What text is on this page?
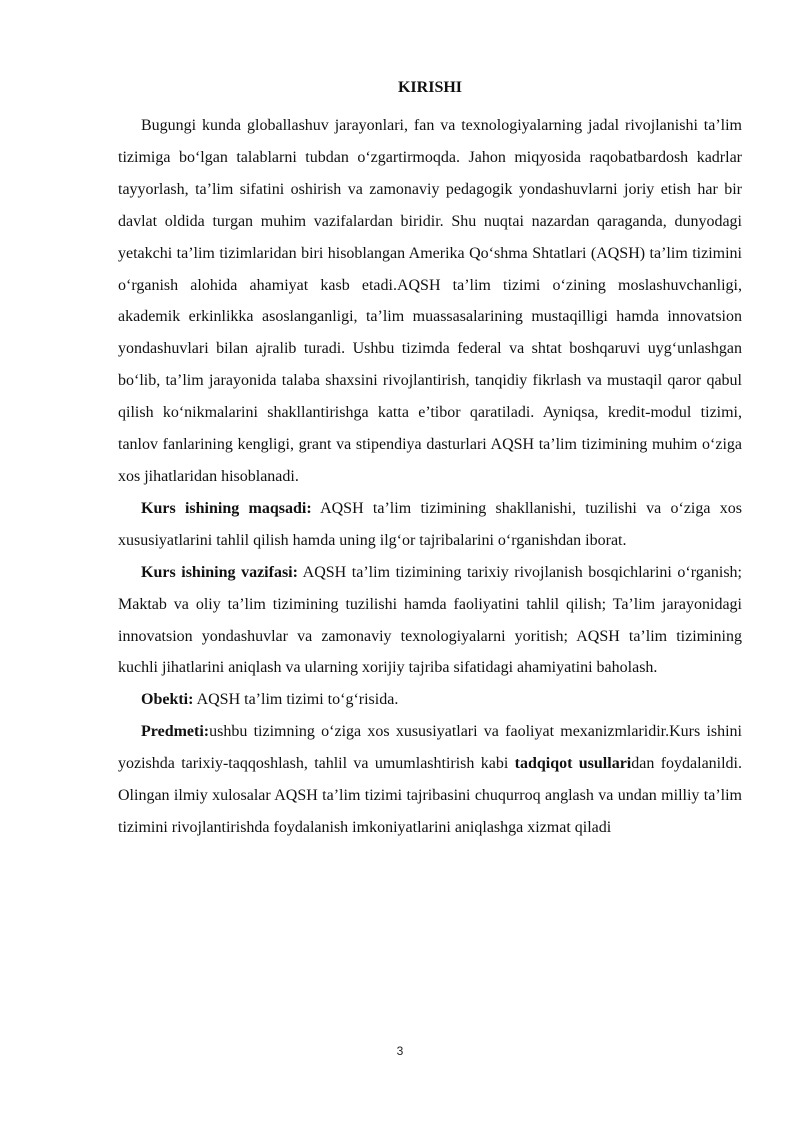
KIRISHI

Bugungi kunda globallashuv jarayonlari, fan va texnologiyalarning jadal rivojlanishi ta’lim tizimiga bo‘lgan talablarni tubdan o‘zgartirmoqda. Jahon miqyosida raqobatbardosh kadrlar tayyorlash, ta’lim sifatini oshirish va zamonaviy pedagogik yondashuvlarni joriy etish har bir davlat oldida turgan muhim vazifalardan biridir. Shu nuqtai nazardan qaraganda, dunyodagi yetakchi ta’lim tizimlaridan biri hisoblangan Amerika Qo‘shma Shtatlari (AQSH) ta’lim tizimini o‘rganish alohida ahamiyat kasb etadi.AQSH ta’lim tizimi o‘zining moslashuvchanligi, akademik erkinlikka asoslanganligi, ta’lim muassasalarining mustaqilligi hamda innovatsion yondashuvlari bilan ajralib turadi. Ushbu tizimda federal va shtat boshqaruvi uyg‘unlashgan bo‘lib, ta’lim jarayonida talaba shaxsini rivojlantirish, tanqidiy fikrlash va mustaqil qaror qabul qilish ko‘nikmalarini shakllantirishga katta e’tibor qaratiladi. Ayniqsa, kredit-modul tizimi, tanlov fanlarining kengligi, grant va stipendiya dasturlari AQSH ta’lim tizimining muhim o‘ziga xos jihatlaridan hisoblanadi.

Kurs ishining maqsadi: AQSH ta’lim tizimining shakllanishi, tuzilishi va o‘ziga xos xususiyatlarini tahlil qilish hamda uning ilg‘or tajribalarini o‘rganishdan iborat.

Kurs ishining vazifasi: AQSH ta’lim tizimining tarixiy rivojlanish bosqichlarini o‘rganish; Maktab va oliy ta’lim tizimining tuzilishi hamda faoliyatini tahlil qilish; Ta’lim jarayonidagi innovatsion yondashuvlar va zamonaviy texnologiyalarni yoritish; AQSH ta’lim tizimining kuchli jihatlarini aniqlash va ularning xorijiy tajriba sifatidagi ahamiyatini baholash.

Obekti: AQSH ta’lim tizimi to‘g‘risida.

Predmeti:ushbu tizimning o‘ziga xos xususiyatlari va faoliyat mexanizmlaridir.Kurs ishini yozishda tarixiy-taqqoshlash, tahlil va umumlashtirish kabi tadqiqot usullaridan foydalanildi. Olingan ilmiy xulosalar AQSH ta’lim tizimi tajribasini chuqurroq anglash va undan milliy ta’lim tizimini rivojlantirishda foydalanish imkoniyatlarini aniqlashga xizmat qiladi

3
